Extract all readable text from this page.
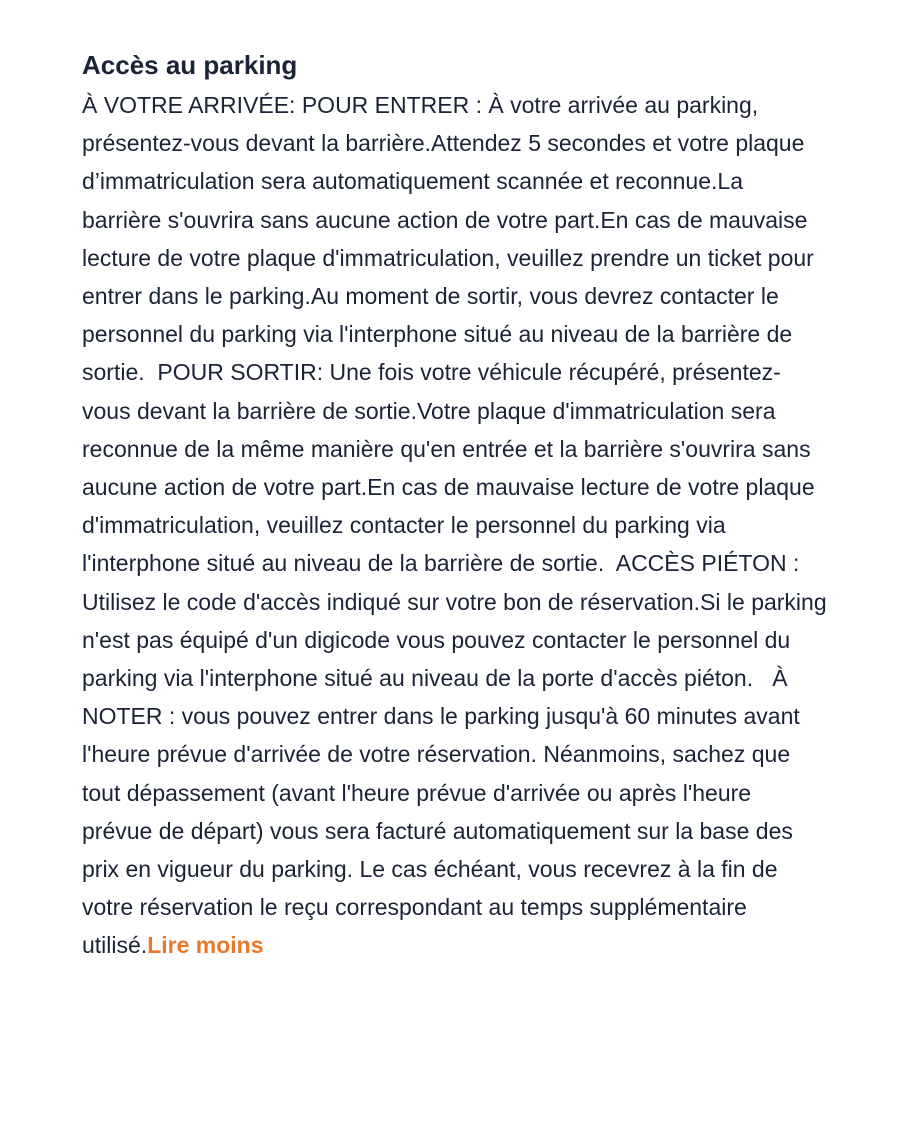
Accès au parking

À VOTRE ARRIVÉE: POUR ENTRER : À votre arrivée au parking, présentez-vous devant la barrière.Attendez 5 secondes et votre plaque d’immatriculation sera automatiquement scannée et reconnue.La barrière s'ouvrira sans aucune action de votre part.En cas de mauvaise lecture de votre plaque d'immatriculation, veuillez prendre un ticket pour entrer dans le parking.Au moment de sortir, vous devrez contacter le personnel du parking via l'interphone situé au niveau de la barrière de sortie.  POUR SORTIR: Une fois votre véhicule récupéré, présentez-vous devant la barrière de sortie.Votre plaque d'immatriculation sera reconnue de la même manière qu'en entrée et la barrière s'ouvrira sans aucune action de votre part.En cas de mauvaise lecture de votre plaque d'immatriculation, veuillez contacter le personnel du parking via l'interphone situé au niveau de la barrière de sortie.  ACCÈS PIÉTON : Utilisez le code d'accès indiqué sur votre bon de réservation.Si le parking n'est pas équipé d'un digicode vous pouvez contacter le personnel du parking via l'interphone situé au niveau de la porte d'accès piéton.   À NOTER : vous pouvez entrer dans le parking jusqu'à 60 minutes avant l'heure prévue d'arrivée de votre réservation. Néanmoins, sachez que tout dépassement (avant l'heure prévue d'arrivée ou après l'heure prévue de départ) vous sera facturé automatiquement sur la base des prix en vigueur du parking. Le cas échéant, vous recevrez à la fin de votre réservation le reçu correspondant au temps supplémentaire utilisé.Lire moins
